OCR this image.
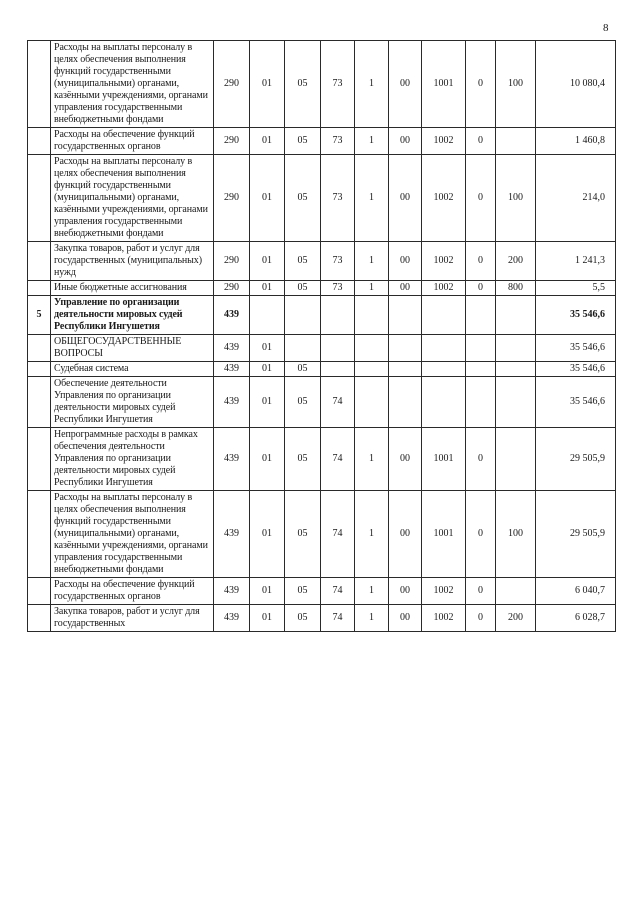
8
	Расходы на выплаты персоналу в целях обеспечения выполнения функций государственными (муниципальными) органами, казёнными учреждениями, органами управления государственными внебюджетными фондами	290	01	05	73	1	00	1001	0	100	10 080,4
	Расходы на обеспечение функций государственных органов	290	01	05	73	1	00	1002	0		1 460,8
	Расходы на выплаты персоналу в целях обеспечения выполнения функций государственными (муниципальными) органами, казёнными учреждениями, органами управления государственными внебюджетными фондами	290	01	05	73	1	00	1002	0	100	214,0
	Закупка товаров, работ и услуг для государственных (муниципальных) нужд	290	01	05	73	1	00	1002	0	200	1 241,3
	Иные бюджетные ассигнования	290	01	05	73	1	00	1002	0	800	5,5
5	Управление по организации деятельности мировых судей Республики Ингушетия	439									35 546,6
	ОБЩЕГОСУДАРСТВЕННЫЕ ВОПРОСЫ	439	01								35 546,6
	Судебная система	439	01	05							35 546,6
	Обеспечение деятельности Управления по организации деятельности мировых судей Республики Ингушетия	439	01	05	74						35 546,6
	Непрограммные расходы в рамках обеспечения деятельности Управления по организации деятельности мировых судей Республики Ингушетия	439	01	05	74	1	00	1001	0		29 505,9
	Расходы на выплаты персоналу в целях обеспечения выполнения функций государственными (муниципальными) органами, казёнными учреждениями, органами управления государственными внебюджетными фондами	439	01	05	74	1	00	1001	0	100	29 505,9
	Расходы на обеспечение функций государственных органов	439	01	05	74	1	00	1002	0		6 040,7
	Закупка товаров, работ и услуг для государственных	439	01	05	74	1	00	1002	0	200	6 028,7
